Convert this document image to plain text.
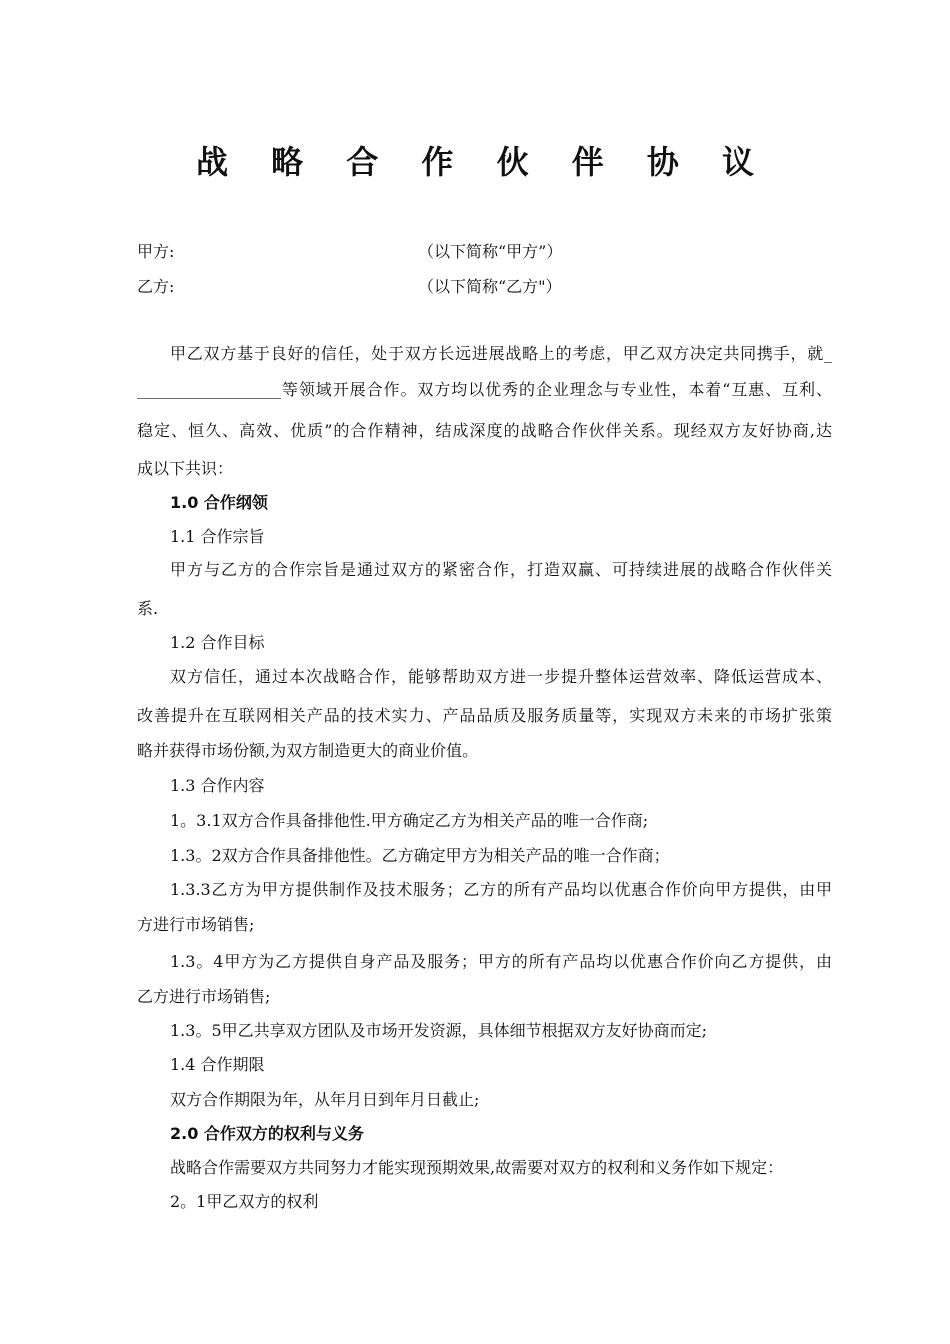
战 略 合 作 伙 伴 协 议
甲方:	（以下简称“甲方”）
乙方:	（以下简称“乙方"）
甲乙双方基于良好的信任，处于双方长远进展战略上的考虑，甲乙双方决定共同携手，就_
__________________等领域开展合作。双方均以优秀的企业理念与专业性，本着“互惠、互利、
稳定、恒久、高效、优质”的合作精神，结成深度的战略合作伙伴关系。现经双方友好协商,达
成以下共识：
1.0 合作纲领
1.1 合作宗旨
甲方与乙方的合作宗旨是通过双方的紧密合作，打造双赢、可持续进展的战略合作伙伴关
系.
1.2 合作目标
双方信任，通过本次战略合作，能够帮助双方进一步提升整体运营效率、降低运营成本、
改善提升在互联网相关产品的技术实力、产品品质及服务质量等，实现双方未来的市场扩张策
略并获得市场份额,为双方制造更大的商业价值。
1.3 合作内容
1。3.1双方合作具备排他性.甲方确定乙方为相关产品的唯一合作商;
1.3。2双方合作具备排他性。乙方确定甲方为相关产品的唯一合作商；
1.3.3乙方为甲方提供制作及技术服务；乙方的所有产品均以优惠合作价向甲方提供，由甲
方进行市场销售;
1.3。4甲方为乙方提供自身产品及服务；甲方的所有产品均以优惠合作价向乙方提供，由
乙方进行市场销售;
1.3。5甲乙共享双方团队及市场开发资源，具体细节根据双方友好协商而定;
1.4 合作期限
双方合作期限为年，从年月日到年月日截止;
2.0 合作双方的权利与义务
战略合作需要双方共同努力才能实现预期效果,故需要对双方的权利和义务作如下规定：
2。1甲乙双方的权利
